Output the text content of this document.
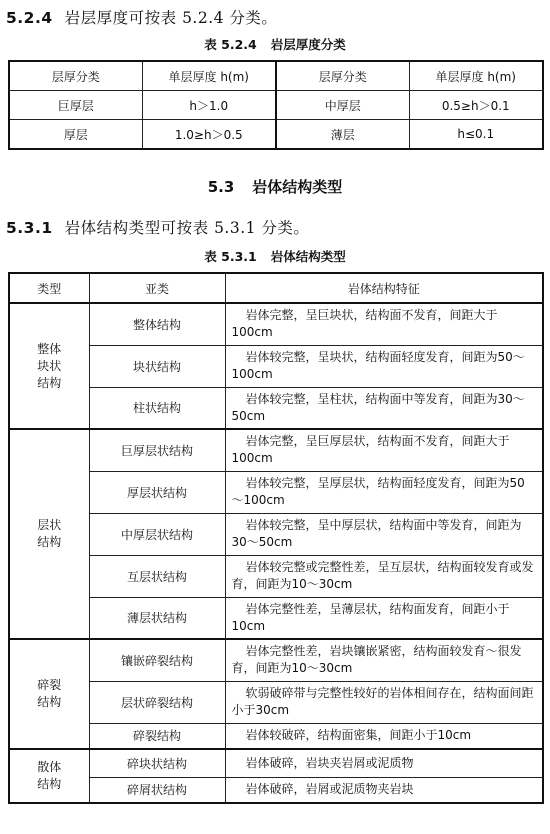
5.2.4 岩层厚度可按表 5.2.4 分类。
表 5.2.4 岩层厚度分类
层厚分类	单层厚度 h(m)	层厚分类	单层厚度 h(m)
巨厚层	h＞1.0	中厚层	0.5≥h＞0.1
厚层	1.0≥h＞0.5	薄层	h≤0.1
5.3 岩体结构类型
5.3.1 岩体结构类型可按表 5.3.1 分类。
表 5.3.1 岩体结构类型
类型	亚类	岩体结构特征
整体
块状
结构	整体结构	岩体完整，呈巨块状，结构面不发育，间距大于100cm
	块状结构	岩体较完整，呈块状，结构面轻度发育，间距为50～100cm
	柱状结构	岩体较完整，呈柱状，结构面中等发育，间距为30～50cm
层状
结构	巨厚层状结构	岩体完整，呈巨厚层状，结构面不发育，间距大于100cm
	厚层状结构	岩体较完整，呈厚层状，结构面轻度发育，间距为50～100cm
	中厚层状结构	岩体较完整，呈中厚层状，结构面中等发育，间距为30～50cm
	互层状结构	岩体较完整或完整性差，呈互层状，结构面较发育或发育，间距为10～30cm
	薄层状结构	岩体完整性差，呈薄层状，结构面发育，间距小于10cm
碎裂
结构	镶嵌碎裂结构	岩体完整性差，岩块镶嵌紧密，结构面较发育～很发育，间距为10～30cm
	层状碎裂结构	软弱破碎带与完整性较好的岩体相间存在，结构面间距小于30cm
	碎裂结构	岩体较破碎，结构面密集，间距小于10cm
散体
结构	碎块状结构	岩体破碎，岩块夹岩屑或泥质物
	碎屑状结构	岩体破碎，岩屑或泥质物夹岩块
